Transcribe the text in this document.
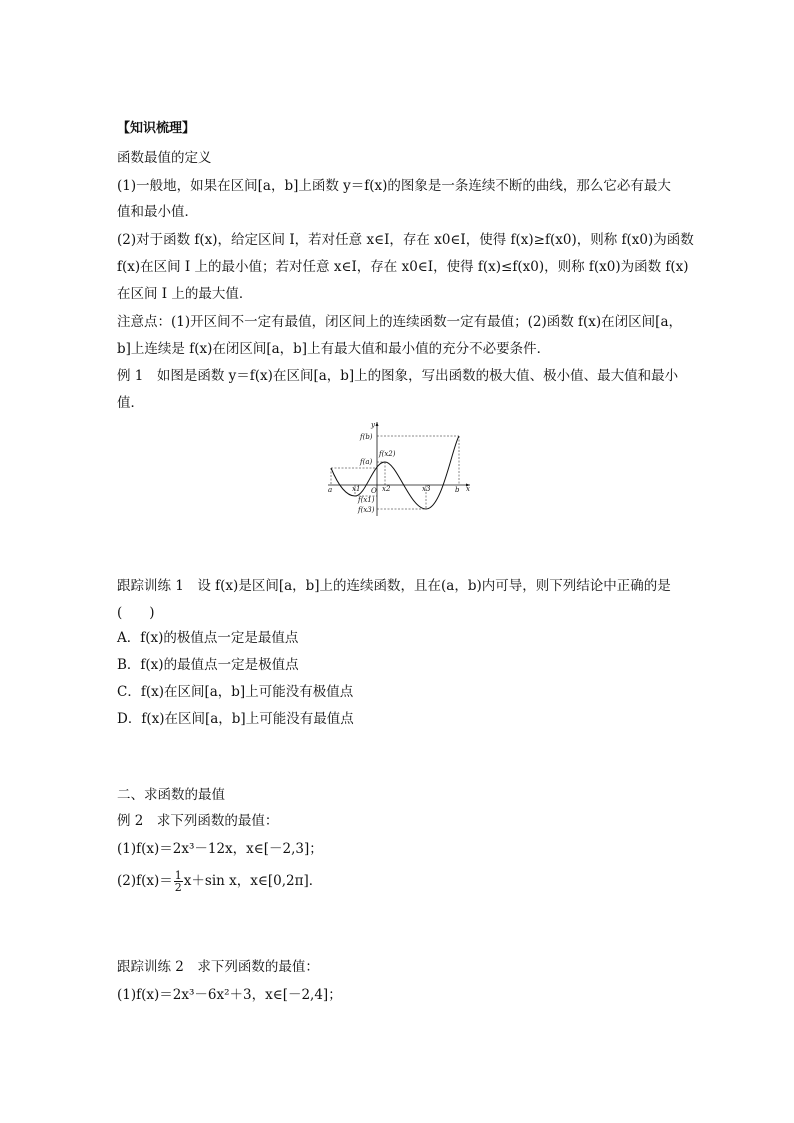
【知识梳理】
函数最值的定义
(1)一般地，如果在区间[a，b]上函数 y＝f(x)的图象是一条连续不断的曲线，那么它必有最大
值和最小值．
(2)对于函数 f(x)，给定区间 I，若对任意 x∈I，存在 x0∈I，使得 f(x)≥f(x0)，则称 f(x0)为函数
f(x)在区间 I 上的最小值；若对任意 x∈I，存在 x0∈I，使得 f(x)≤f(x0)，则称 f(x0)为函数 f(x)
在区间 I 上的最大值．
注意点：(1)开区间不一定有最值，闭区间上的连续函数一定有最值；(2)函数 f(x)在闭区间[a，
b]上连续是 f(x)在闭区间[a，b]上有最大值和最小值的充分不必要条件．
例 1　如图是函数 y＝f(x)在区间[a，b]上的图象，写出函数的极大值、极小值、最大值和最小
值．
y
x
O
a	b
x1	x2	x3
f(b)
f(a)
f(x2)
f(x1)
f(x3)
跟踪训练 1　设 f(x)是区间[a，b]上的连续函数，且在(a，b)内可导，则下列结论中正确的是
(　　)
A．f(x)的极值点一定是最值点
B．f(x)的最值点一定是极值点
C．f(x)在区间[a，b]上可能没有极值点
D．f(x)在区间[a，b]上可能没有最值点
二、求函数的最值
例 2　求下列函数的最值：
(1)f(x)＝2x³－12x，x∈[－2,3]；
$(2)f(x)= \frac{1}{2} x+\sin$ x，x∈[0,2π]．
跟踪训练 2　求下列函数的最值：
(1)f(x)＝2x³－6x²＋3，x∈[－2,4]；
